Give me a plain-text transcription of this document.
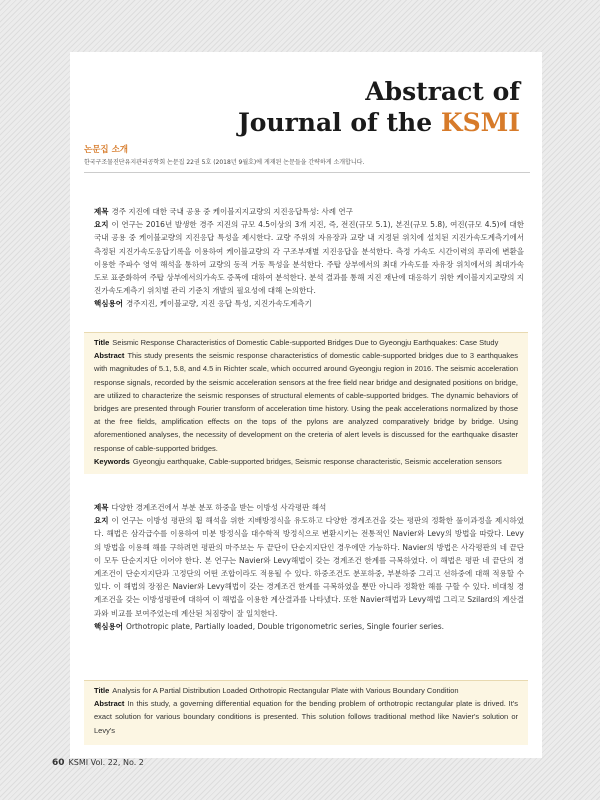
Abstract of
Journal of the KSMI
논문집 소개
한국구조물진단유지관리공학회 논문집 22권 5호 (2018년 9월호)에 게재된 논문들을 간략하게 소개합니다.
제목 경주 지진에 대한 국내 공용 중 케이블지지교량의 지진응답특성: 사례 연구
요지 이 연구는 2016년 발생한 경주 지진의 규모 4.5이상의 3개 지진, 즉, 전진(규모 5.1), 본진(규모 5.8), 여진(규모 4.5)에 대한 국내 공용 중 케이블교량의 지진응답 특성을 제시한다. 교량 주위의 자유장과 교량 내 지정된 위치에 설치된 지진가속도계측기에서 측정된 지진가속도응답기록을 이용하여 케이블교량의 각 구조부재별 지진응답을 분석한다. 측정 가속도 시간이력의 푸리에 변환을 이용한 주파수 영역 해석을 통하여 교량의 동적 거동 특성을 분석한다. 주탑 상부에서의 최대 가속도를 자유장 위치에서의 최대가속도로 표준화하여 주탑 상부에서의가속도 증폭에 대하여 분석한다. 분석 결과를 통해 지진 재난에 대응하기 위한 케이블지지교량의 지진가속도계측기 위치별 관리 기준치 개발의 필요성에 대해 논의한다.
핵심용어 경주지진, 케이블교량, 지진 응답 특성, 지진가속도계측기
Title Seismic Response Characteristics of Domestic Cable-supported Bridges Due to Gyeongju Earthquakes: Case Study
Abstract This study presents the seismic response characteristics of domestic cable-supported bridges due to 3 earthquakes with magnitudes of 5.1, 5.8, and 4.5 in Richter scale, which occurred around Gyeongju region in 2016. The seismic acceleration response signals, recorded by the seismic acceleration sensors at the free field near bridge and designated positions on bridge, are utilized to characterize the seismic responses of structural elements of cable-supported bridges. The dynamic behaviors of bridges are presented through Fourier transform of acceleration time history. Using the peak accelerations normalized by those at the free fields, amplification effects on the tops of the pylons are analyzed comparatively bridge by bridge. Using aforementioned analyses, the necessity of development on the creteria of alert levels is discussed for the earthquake disaster response of cable-supported bridges.
Keywords Gyeongju earthquake, Cable-supported bridges, Seismic response characteristic, Seismic acceleration sensors
제목 다양한 경계조건에서 부분 분포 하중을 받는 이방성 사각평판 해석
요지 이 연구는 이방성 평판의 휨 해석을 위한 지배방정식을 유도하고 다양한 경계조건을 갖는 평판의 정확한 풀이과정을 제시하였다. 해법은 삼각급수를 이용하여 미분 방정식을 대수학적 방정식으로 변환시키는 전통적인 Navier와 Levy의 방법을 따랐다. Levy의 방법을 이용해 해를 구하려면 평판의 마주보는 두 끝단이 단순지지단인 경우에만 가능하다. Navier의 방법은 사각평판의 네 끝단이 모두 단순지지단 이어야 한다. 본 연구는 Navier와 Levy해법이 갖는 경계조건 한계를 극복하였다. 이 해법은 평판 네 끝단의 경계조건이 단순지지단과 고정단의 어떤 조합이라도 적용될 수 있다. 하중조건도 분포하중, 부분하중 그리고 선하중에 대해 적용할 수 있다. 이 해법의 장점은 Navier와 Levy해법이 갖는 경계조건 한계를 극복하였을 뿐만 아니라 정확한 해를 구할 수 있다. 비대칭 경계조건을 갖는 이방성평판에 대하여 이 해법을 이용한 계산결과를 나타냈다. 또한 Navier해법과 Levy해법 그리고 Szilard의 계산결과와 비교를 보여주었는데 계산된 처짐량이 잘 일치한다.
핵심용어 Orthotropic plate, Partially loaded, Double trigonometric series, Single fourier series.
Title Analysis for A Partial Distribution Loaded Orthotropic Rectangular Plate with Various Boundary Condition
Abstract In this study, a governing differential equation for the bending problem of orthotropic rectangular plate is drived. It's exact solution for various boundary conditions is presented. This solution follows traditional method like Navier's solution or Levy's
60 KSMI Vol. 22, No. 2
